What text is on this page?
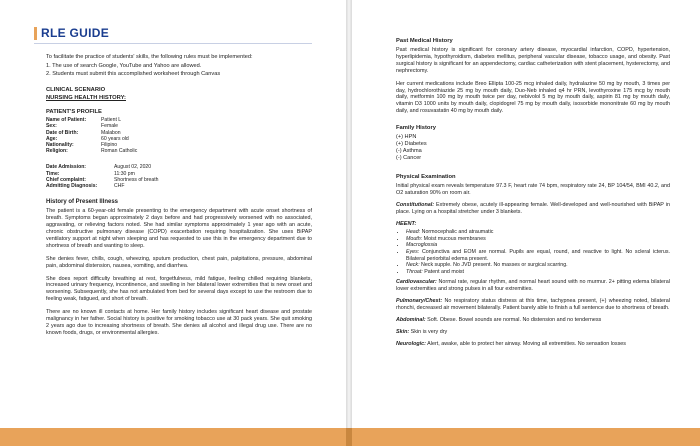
RLE GUIDE

To facilitate the practice of students' skills, the following rules must be implemented:

1. The use of search Google, YouTube and Yahoo are allowed.
2. Students must submit this accomplished worksheet through Canvas
CLINICAL SCENARIO
NURSING HEALTH HISTORY:
PATIENT'S PROFILE
Name of Patient:	Patient L
Sex:	Female
Date of Birth:	Malabon
Age:	60 years old
Nationality:	Filipino
Religion:	Roman Catholic
Date Admission:	August 02, 2020
Time:	11:30 pm
Chief complaint:	Shortness of breath
Admitting Diagnosis:	CHF
History of Present Illness

The patient is a 60-year-old female presenting to the emergency department with acute onset shortness of breath. Symptoms began approximately 2 days before and had progressively worsened with no associated, aggravating, or relieving factors noted. She had similar symptoms approximately 1 year ago with an acute, chronic obstructive pulmonary disease (COPD) exacerbation requiring hospitalization. She uses BiPAP ventilatory support at night when sleeping and has requested to use this in the emergency department due to shortness of breath and wanting to sleep.

She denies fever, chills, cough, wheezing, sputum production, chest pain, palpitations, pressure, abdominal pain, abdominal distension, nausea, vomiting, and diarrhea.

She does report difficulty breathing at rest, forgetfulness, mild fatigue, feeling chilled requiring blankets, increased urinary frequency, incontinence, and swelling in her bilateral lower extremities that is new onset and worsening. Subsequently, she has not ambulated from bed for several days except to use the restroom due to feeling weak, fatigued, and short of breath.

There are no known ill contacts at home. Her family history includes significant heart disease and prostate malignancy in her father. Social history is positive for smoking tobacco use at 30 pack years. She quit smoking 2 years ago due to increasing shortness of breath. She denies all alcohol and illegal drug use. There are no known foods, drugs, or environmental allergies.

Past Medical History

Past medical history is significant for coronary artery disease, myocardial infarction, COPD, hypertension, hyperlipidemia, hypothyroidism, diabetes mellitus, peripheral vascular disease, tobacco usage, and obesity. Past surgical history is significant for an appendectomy, cardiac catheterization with stent placement, hysterectomy, and nephrectomy.

Her current medications include Breo Ellipta 100-25 mcg inhaled daily, hydralazine 50 mg by mouth, 3 times per day, hydrochlorothiazide 25 mg by mouth daily, Duo-Neb inhaled q4 hr PRN, levothyroxine 175 mcg by mouth daily, metformin 100 mg by mouth twice per day, nebivolol 5 mg by mouth daily, aspirin 81 mg by mouth daily, vitamin D3 1000 units by mouth daily, clopidogrel 75 mg by mouth daily, isosorbide mononitrate 60 mg by mouth daily, and rosuvastatin 40 mg by mouth daily.

Family History
(+) HPN
(+) Diabetes
(-) Asthma
(-) Cancer
Physical Examination

Initial physical exam reveals temperature 97.3 F, heart rate 74 bpm, respiratory rate 24, BP 104/54, BMI 40.2, and O2 saturation 90% on room air.

Constitutional: Extremely obese, acutely ill-appearing female. Well-developed and well-nourished with BiPAP in place. Lying on a hospital stretcher under 3 blankets.

HEENT:
• Head: Normocephalic and atraumatic
• Mouth: Moist mucous membranes
• Macroglossia
• Eyes: Conjunctiva and EOM are normal. Pupils are equal, round, and reactive to light. No scleral icterus. Bilateral periorbital edema present.
• Neck: Neck supple. No JVD present. No masses or surgical scarring.
• Throat: Patent and moist

Cardiovascular: Normal rate, regular rhythm, and normal heart sound with no murmur. 2+ pitting edema bilateral lower extremities and strong pulses in all four extremities.

Pulmonary/Chest: No respiratory status distress at this time, tachypnea present, (+) wheezing noted, bilateral rhonchi, decreased air movement bilaterally. Patient barely able to finish a full sentence due to shortness of breath.

Abdominal: Soft. Obese. Bowel sounds are normal. No distension and no tenderness

Skin: Skin is very dry

Neurologic: Alert, awake, able to protect her airway. Moving all extremities. No sensation losses
